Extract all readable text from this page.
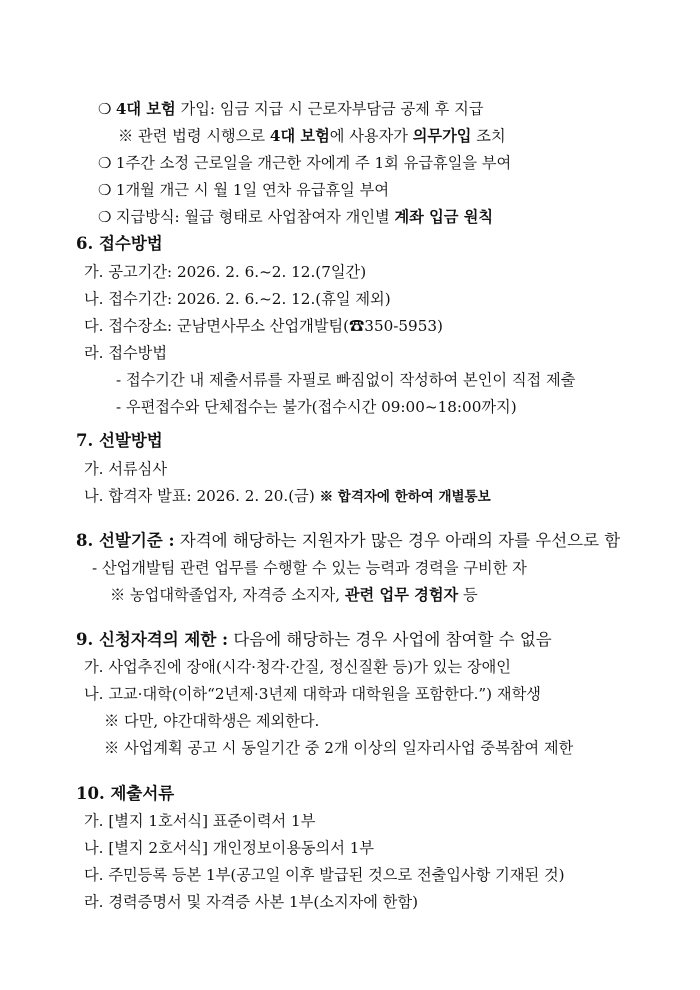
❍ 4대 보험 가입: 임금 지급 시 근로자부담금 공제 후 지급
※ 관련 법령 시행으로 4대 보험에 사용자가 의무가입 조치
❍ 1주간 소정 근로일을 개근한 자에게 주 1회 유급휴일을 부여
❍ 1개월 개근 시 월 1일 연차 유급휴일 부여
❍ 지급방식: 월급 형태로 사업참여자 개인별 계좌 입금 원칙
6. 접수방법
가. 공고기간: 2026. 2. 6.~2. 12.(7일간)
나. 접수기간: 2026. 2. 6.~2. 12.(휴일 제외)
다. 접수장소: 군남면사무소 산업개발팀(☎350-5953)
라. 접수방법
- 접수기간 내 제출서류를 자필로 빠짐없이 작성하여 본인이 직접 제출
- 우편접수와 단체접수는 불가(접수시간 09:00~18:00까지)
7. 선발방법
가. 서류심사
나. 합격자 발표: 2026. 2. 20.(금) ※ 합격자에 한하여 개별통보
8. 선발기준 : 자격에 해당하는 지원자가 많은 경우 아래의 자를 우선으로 함
- 산업개발팀 관련 업무를 수행할 수 있는 능력과 경력을 구비한 자
※ 농업대학졸업자, 자격증 소지자, 관련 업무 경험자 등
9. 신청자격의 제한 : 다음에 해당하는 경우 사업에 참여할 수 없음
가. 사업추진에 장애(시각·청각·간질, 정신질환 등)가 있는 장애인
나. 고교·대학(이하“2년제·3년제 대학과 대학원을 포함한다.”) 재학생
※ 다만, 야간대학생은 제외한다.
※ 사업계획 공고 시 동일기간 중 2개 이상의 일자리사업 중복참여 제한
10. 제출서류
가. [별지 1호서식] 표준이력서 1부
나. [별지 2호서식] 개인정보이용동의서 1부
다. 주민등록 등본 1부(공고일 이후 발급된 것으로 전출입사항 기재된 것)
라. 경력증명서 및 자격증 사본 1부(소지자에 한함)
